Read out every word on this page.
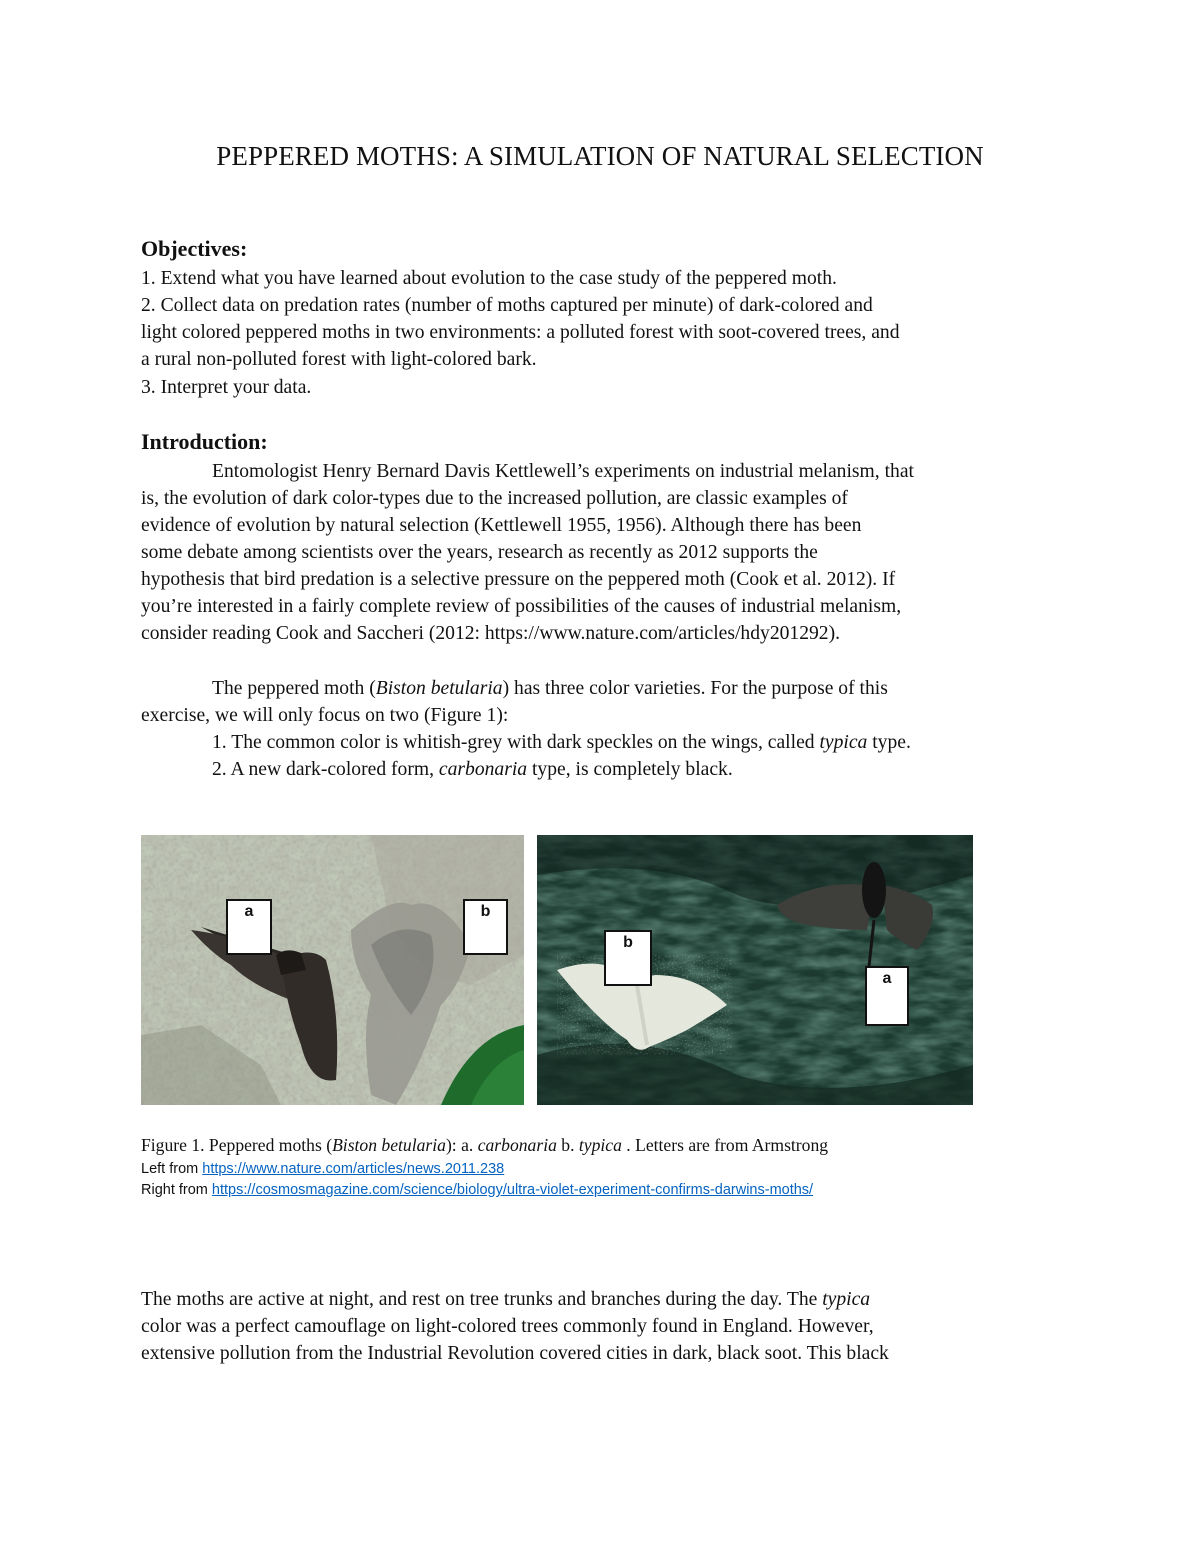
PEPPERED MOTHS: A SIMULATION OF NATURAL SELECTION
Objectives:
1. Extend what you have learned about evolution to the case study of the peppered moth.
2. Collect data on predation rates (number of moths captured per minute) of dark-colored and
light colored peppered moths in two environments: a polluted forest with soot-covered trees, and
a rural non-polluted forest with light-colored bark.
3. Interpret your data.
Introduction:
Entomologist Henry Bernard Davis Kettlewell’s experiments on industrial melanism, that
is, the evolution of dark color-types due to the increased pollution, are classic examples of
evidence of evolution by natural selection (Kettlewell 1955, 1956). Although there has been
some debate among scientists over the years, research as recently as 2012 supports the
hypothesis that bird predation is a selective pressure on the peppered moth (Cook et al. 2012). If
you’re interested in a fairly complete review of possibilities of the causes of industrial melanism,
consider reading Cook and Saccheri (2012: https://www.nature.com/articles/hdy201292).
The peppered moth (Biston betularia) has three color varieties. For the purpose of this
exercise, we will only focus on two (Figure 1):
1. The common color is whitish-grey with dark speckles on the wings, called typica type.
2. A new dark-colored form, carbonaria type, is completely black.
a	b
b
a
Figure 1. Peppered moths (Biston betularia): a. carbonaria b. typica . Letters are from Armstrong
Left from https://www.nature.com/articles/news.2011.238
Right from https://cosmosmagazine.com/science/biology/ultra-violet-experiment-confirms-darwins-moths/
The moths are active at night, and rest on tree trunks and branches during the day. The typica
color was a perfect camouflage on light-colored trees commonly found in England. However,
extensive pollution from the Industrial Revolution covered cities in dark, black soot. This black
